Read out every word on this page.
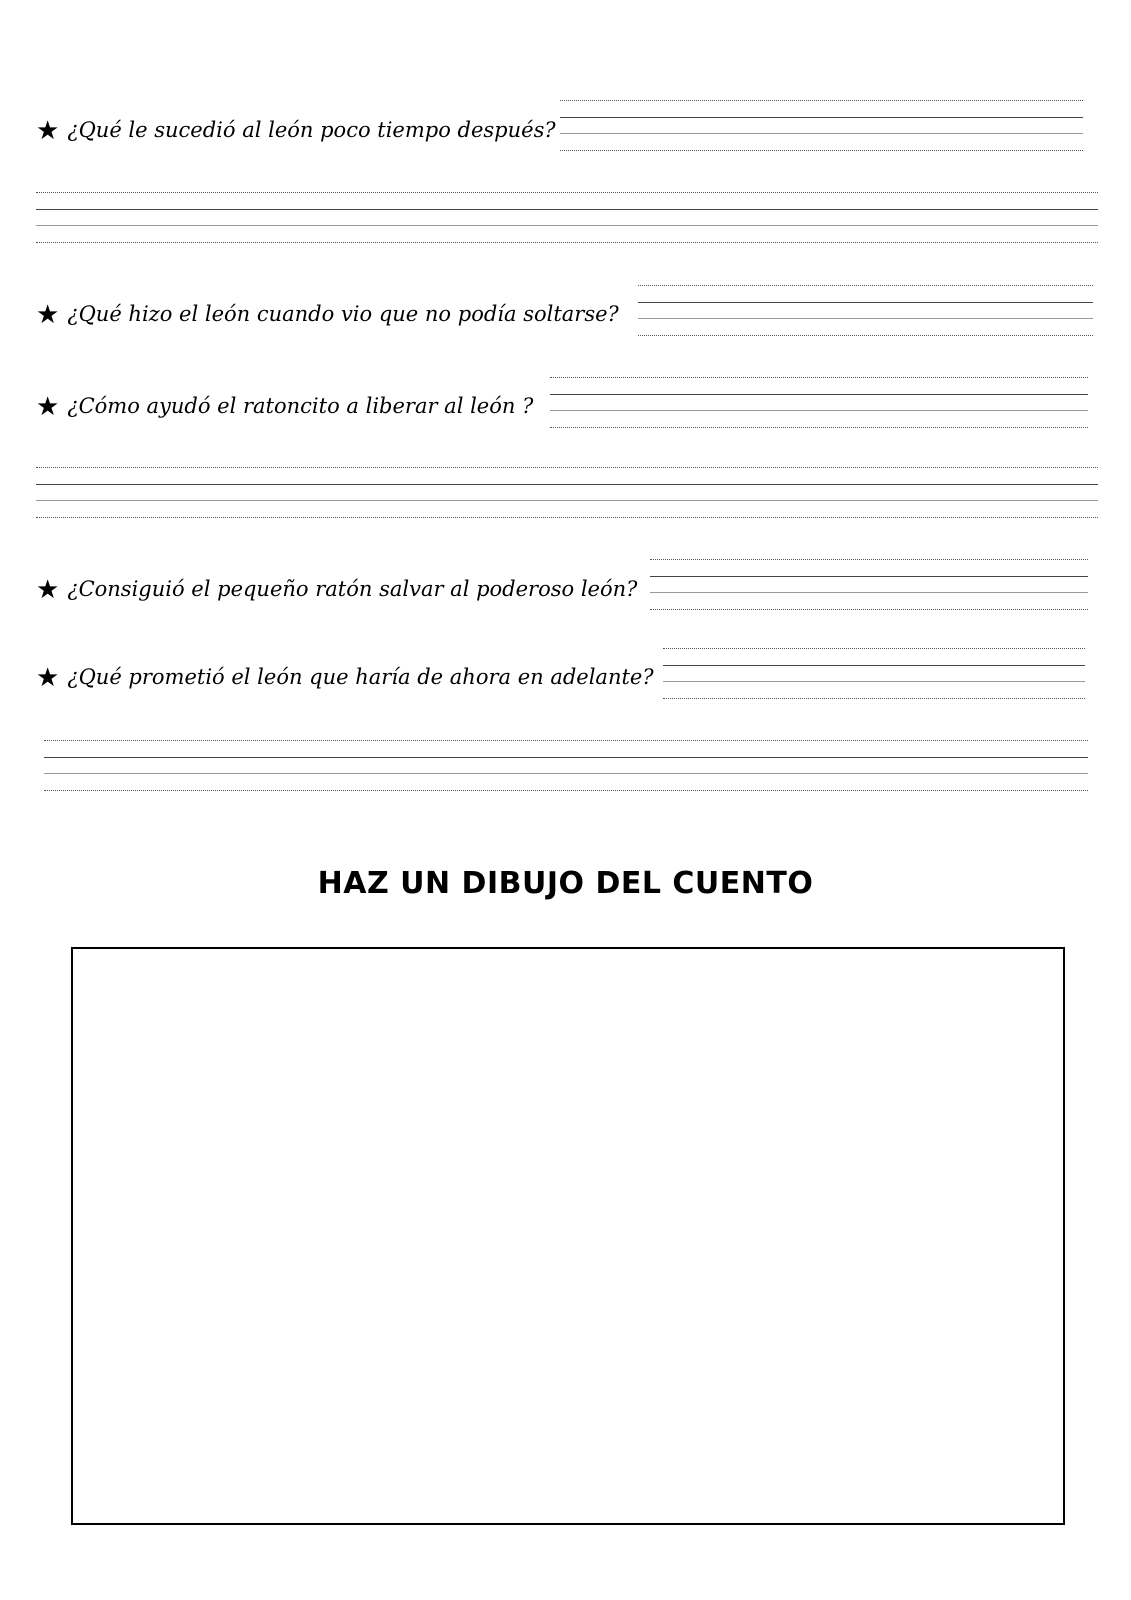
★ ¿Qué le sucedió al león poco tiempo después?
★ ¿Qué hizo el león cuando vio que no podía soltarse?
★ ¿Cómo ayudó el ratoncito a liberar al león ?
★ ¿Consiguió el pequeño ratón salvar al poderoso león?
★ ¿Qué prometió el león que haría de ahora en adelante?
HAZ UN DIBUJO DEL CUENTO
